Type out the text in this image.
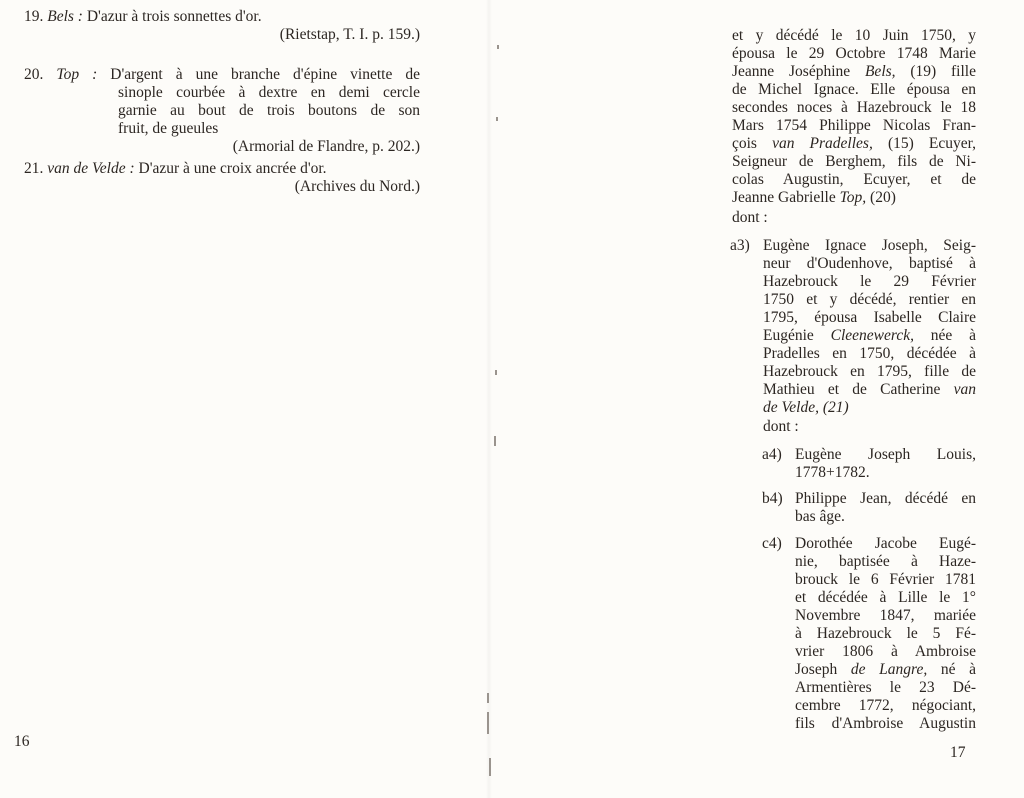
19. Bels : D'azur à trois sonnettes d'or.
(Rietstap, T. I. p. 159.)
20. Top : D'argent à une branche d'épine vinette de
sinople courbée à dextre en demi cercle
garnie au bout de trois boutons de son
fruit, de gueules
(Armorial de Flandre, p. 202.)
21. van de Velde : D'azur à une croix ancrée d'or.
(Archives du Nord.)
16
et y décédé le 10 Juin 1750, y
épousa le 29 Octobre 1748 Marie
Jeanne Joséphine Bels, (19) fille
de Michel Ignace. Elle épousa en
secondes noces à Hazebrouck le 18
Mars 1754 Philippe Nicolas Fran-
çois van Pradelles, (15) Ecuyer,
Seigneur de Berghem, fils de Ni-
colas Augustin, Ecuyer, et de
Jeanne Gabrielle Top, (20)
dont :
a3) Eugène Ignace Joseph, Seig-
neur d'Oudenhove, baptisé à
Hazebrouck le 29 Février
1750 et y décédé, rentier en
1795, épousa Isabelle Claire
Eugénie Cleenewerck, née à
Pradelles en 1750, décédée à
Hazebrouck en 1795, fille de
Mathieu et de Catherine van
de Velde, (21)
dont :
a4) Eugène Joseph Louis,
1778+1782.
b4) Philippe Jean, décédé en
bas âge.
c4) Dorothée Jacobe Eugé-
nie, baptisée à Haze-
brouck le 6 Février 1781
et décédée à Lille le 1°
Novembre 1847, mariée
à Hazebrouck le 5 Fé-
vrier 1806 à Ambroise
Joseph de Langre, né à
Armentières le 23 Dé-
cembre 1772, négociant,
fils d'Ambroise Augustin
17
